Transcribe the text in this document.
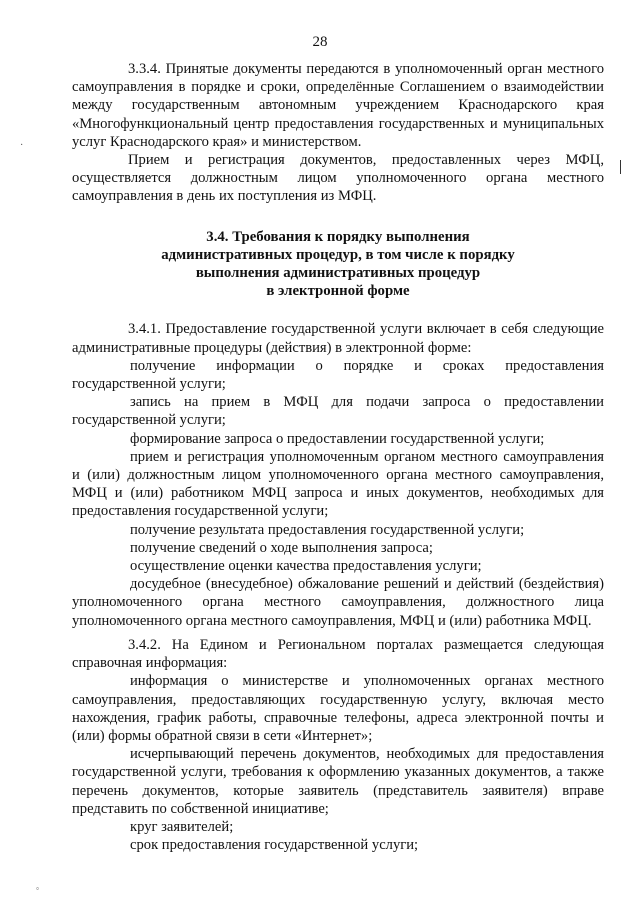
28
·
ﾟ

3.3.4. Принятые документы передаются в уполномоченный орган местного самоуправления в порядке и сроки, определённые Соглашением о взаимодействии между государственным автономным учреждением Краснодарского края «Многофункциональный центр предоставления государственных и муниципальных услуг Краснодарского края» и министерством.

Прием и регистрация документов, предоставленных через МФЦ, осуществляется должностным лицом уполномоченного органа местного самоуправления в день их поступления из МФЦ.

3.4. Требования к порядку выполнения
административных процедур, в том числе к порядку
выполнения административных процедур
в электронной форме

3.4.1. Предоставление государственной услуги включает в себя следующие административные процедуры (действия) в электронной форме:

получение информации о порядке и сроках предоставления государственной услуги;

запись на прием в МФЦ для подачи запроса о предоставлении государственной услуги;

формирование запроса о предоставлении государственной услуги;

прием и регистрация уполномоченным органом местного самоуправления и (или) должностным лицом уполномоченного органа местного самоуправления, МФЦ и (или) работником МФЦ запроса и иных документов, необходимых для предоставления государственной услуги;

получение результата предоставления государственной услуги;

получение сведений о ходе выполнения запроса;

осуществление оценки качества предоставления услуги;

досудебное (внесудебное) обжалование решений и действий (бездействия) уполномоченного органа местного самоуправления, должностного лица уполномоченного органа местного самоуправления, МФЦ и (или) работника МФЦ.

3.4.2. На Едином и Региональном порталах размещается следующая справочная информация:

информация о министерстве и уполномоченных органах местного самоуправления, предоставляющих государственную услугу, включая место нахождения, график работы, справочные телефоны, адреса электронной почты и (или) формы обратной связи в сети «Интернет»;

исчерпывающий перечень документов, необходимых для предоставления государственной услуги, требования к оформлению указанных документов, а также перечень документов, которые заявитель (представитель заявителя) вправе представить по собственной инициативе;

круг заявителей;

срок предоставления государственной услуги;
